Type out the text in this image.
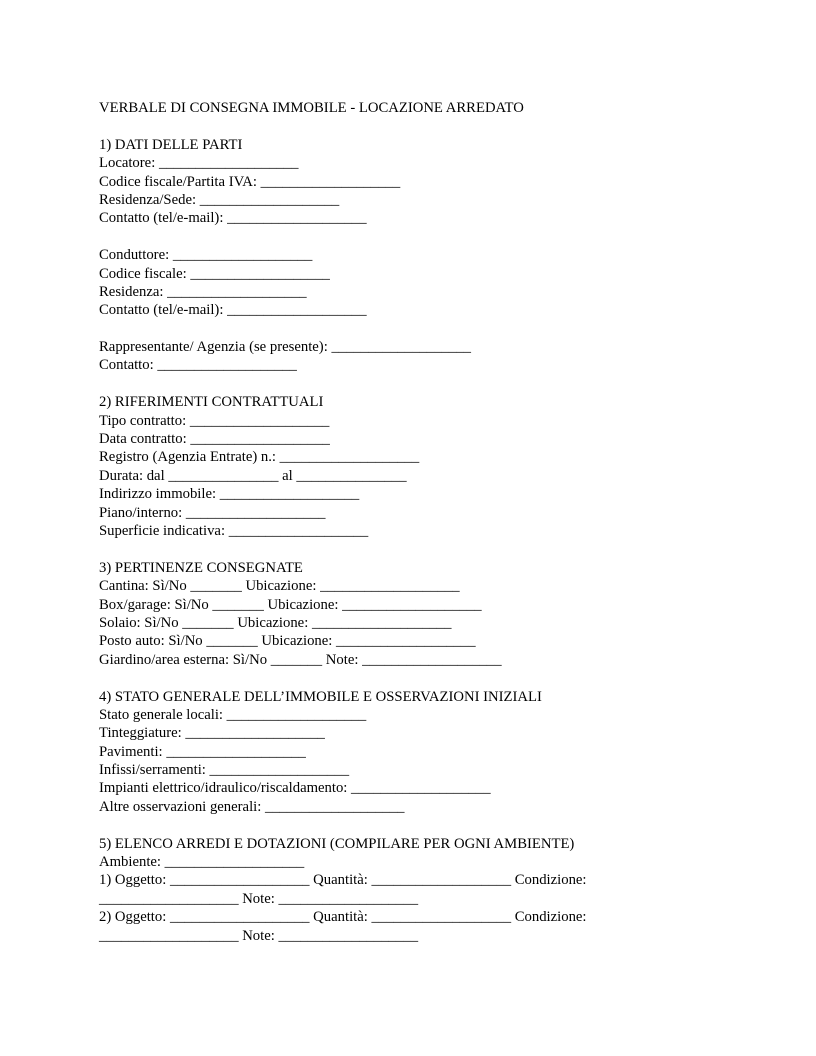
VERBALE DI CONSEGNA IMMOBILE - LOCAZIONE ARREDATO
1) DATI DELLE PARTI
Locatore: ___________________
Codice fiscale/Partita IVA: ___________________
Residenza/Sede: ___________________
Contatto (tel/e-mail): ___________________
Conduttore: ___________________
Codice fiscale: ___________________
Residenza: ___________________
Contatto (tel/e-mail): ___________________
Rappresentante/ Agenzia (se presente): ___________________
Contatto: ___________________
2) RIFERIMENTI CONTRATTUALI
Tipo contratto: ___________________
Data contratto: ___________________
Registro (Agenzia Entrate) n.: ___________________
Durata: dal _______________ al _______________
Indirizzo immobile: ___________________
Piano/interno: ___________________
Superficie indicativa: ___________________
3) PERTINENZE CONSEGNATE
Cantina: Sì/No _______ Ubicazione: ___________________
Box/garage: Sì/No _______ Ubicazione: ___________________
Solaio: Sì/No _______ Ubicazione: ___________________
Posto auto: Sì/No _______ Ubicazione: ___________________
Giardino/area esterna: Sì/No _______ Note: ___________________
4) STATO GENERALE DELL’IMMOBILE E OSSERVAZIONI INIZIALI
Stato generale locali: ___________________
Tinteggiature: ___________________
Pavimenti: ___________________
Infissi/serramenti: ___________________
Impianti elettrico/idraulico/riscaldamento: ___________________
Altre osservazioni generali: ___________________
5) ELENCO ARREDI E DOTAZIONI (COMPILARE PER OGNI AMBIENTE)
Ambiente: ___________________
1) Oggetto: ___________________ Quantità: ___________________ Condizione:
___________________ Note: ___________________
2) Oggetto: ___________________ Quantità: ___________________ Condizione:
___________________ Note: ___________________
